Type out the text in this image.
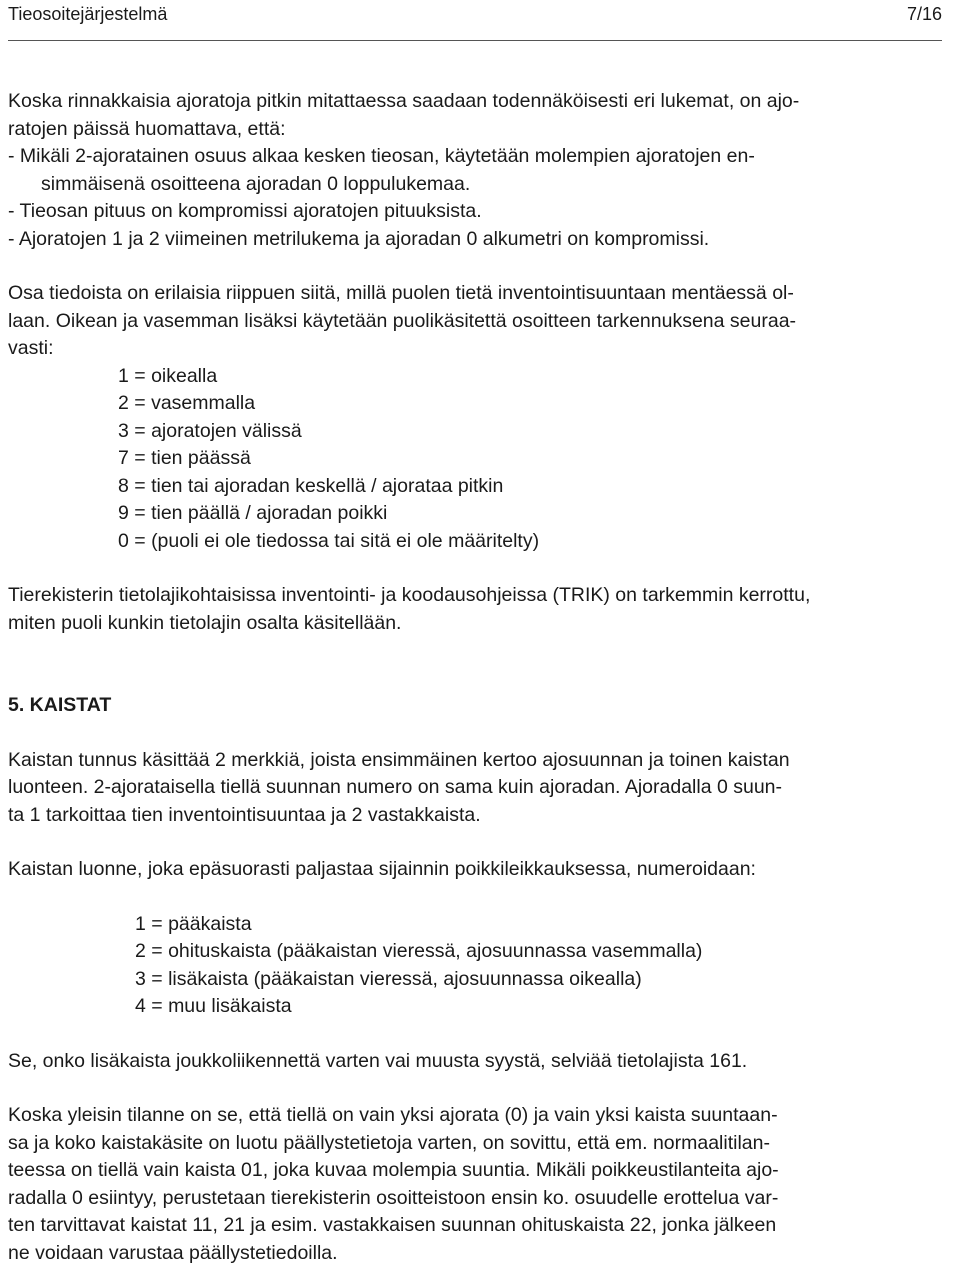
Tieosoitejärjestelmä	7/16
Koska rinnakkaisia ajoratoja pitkin mitattaessa saadaan todennäköisesti eri lukemat, on ajo-
ratojen päissä huomattava, että:
- Mikäli 2-ajoratainen osuus alkaa kesken tieosan, käytetään molempien ajoratojen en-
simmäisenä osoitteena ajoradan 0 loppulukemaa.
- Tieosan pituus on kompromissi ajoratojen pituuksista.
- Ajoratojen 1 ja 2 viimeinen metrilukema ja ajoradan 0 alkumetri on kompromissi.
Osa tiedoista on erilaisia riippuen siitä, millä puolen tietä inventointisuuntaan mentäessä ol-
laan. Oikean ja vasemman lisäksi käytetään puolikäsitettä osoitteen tarkennuksena seuraa-
vasti:
1 = oikealla
2 = vasemmalla
3 = ajoratojen välissä
7 = tien päässä
8 = tien tai ajoradan keskellä / ajorataa pitkin
9 = tien päällä / ajoradan poikki
0 = (puoli ei ole tiedossa tai sitä ei ole määritelty)
Tierekisterin tietolajikohtaisissa inventointi- ja koodausohjeissa (TRIK) on tarkemmin kerrottu,
miten puoli kunkin tietolajin osalta käsitellään.
5. KAISTAT
Kaistan tunnus käsittää 2 merkkiä, joista ensimmäinen kertoo ajosuunnan ja toinen kaistan
luonteen. 2-ajorataisella tiellä suunnan numero on sama kuin ajoradan. Ajoradalla 0 suun-
ta 1 tarkoittaa tien inventointisuuntaa ja 2 vastakkaista.
Kaistan luonne, joka epäsuorasti paljastaa sijainnin poikkileikkauksessa, numeroidaan:
1 = pääkaista
2 = ohituskaista (pääkaistan vieressä, ajosuunnassa vasemmalla)
3 = lisäkaista (pääkaistan vieressä, ajosuunnassa oikealla)
4 = muu lisäkaista
Se, onko lisäkaista joukkoliikennettä varten vai muusta syystä, selviää tietolajista 161.
Koska yleisin tilanne on se, että tiellä on vain yksi ajorata (0) ja vain yksi kaista suuntaan-
sa ja koko kaistakäsite on luotu päällystetietoja varten, on sovittu, että em. normaalitilan-
teessa on tiellä vain kaista 01, joka kuvaa molempia suuntia. Mikäli poikkeustilanteita ajo-
radalla 0 esiintyy, perustetaan tierekisterin osoitteistoon ensin ko. osuudelle erottelua var-
ten tarvittavat kaistat 11, 21 ja esim. vastakkaisen suunnan ohituskaista 22, jonka jälkeen
ne voidaan varustaa päällystetiedoilla.
